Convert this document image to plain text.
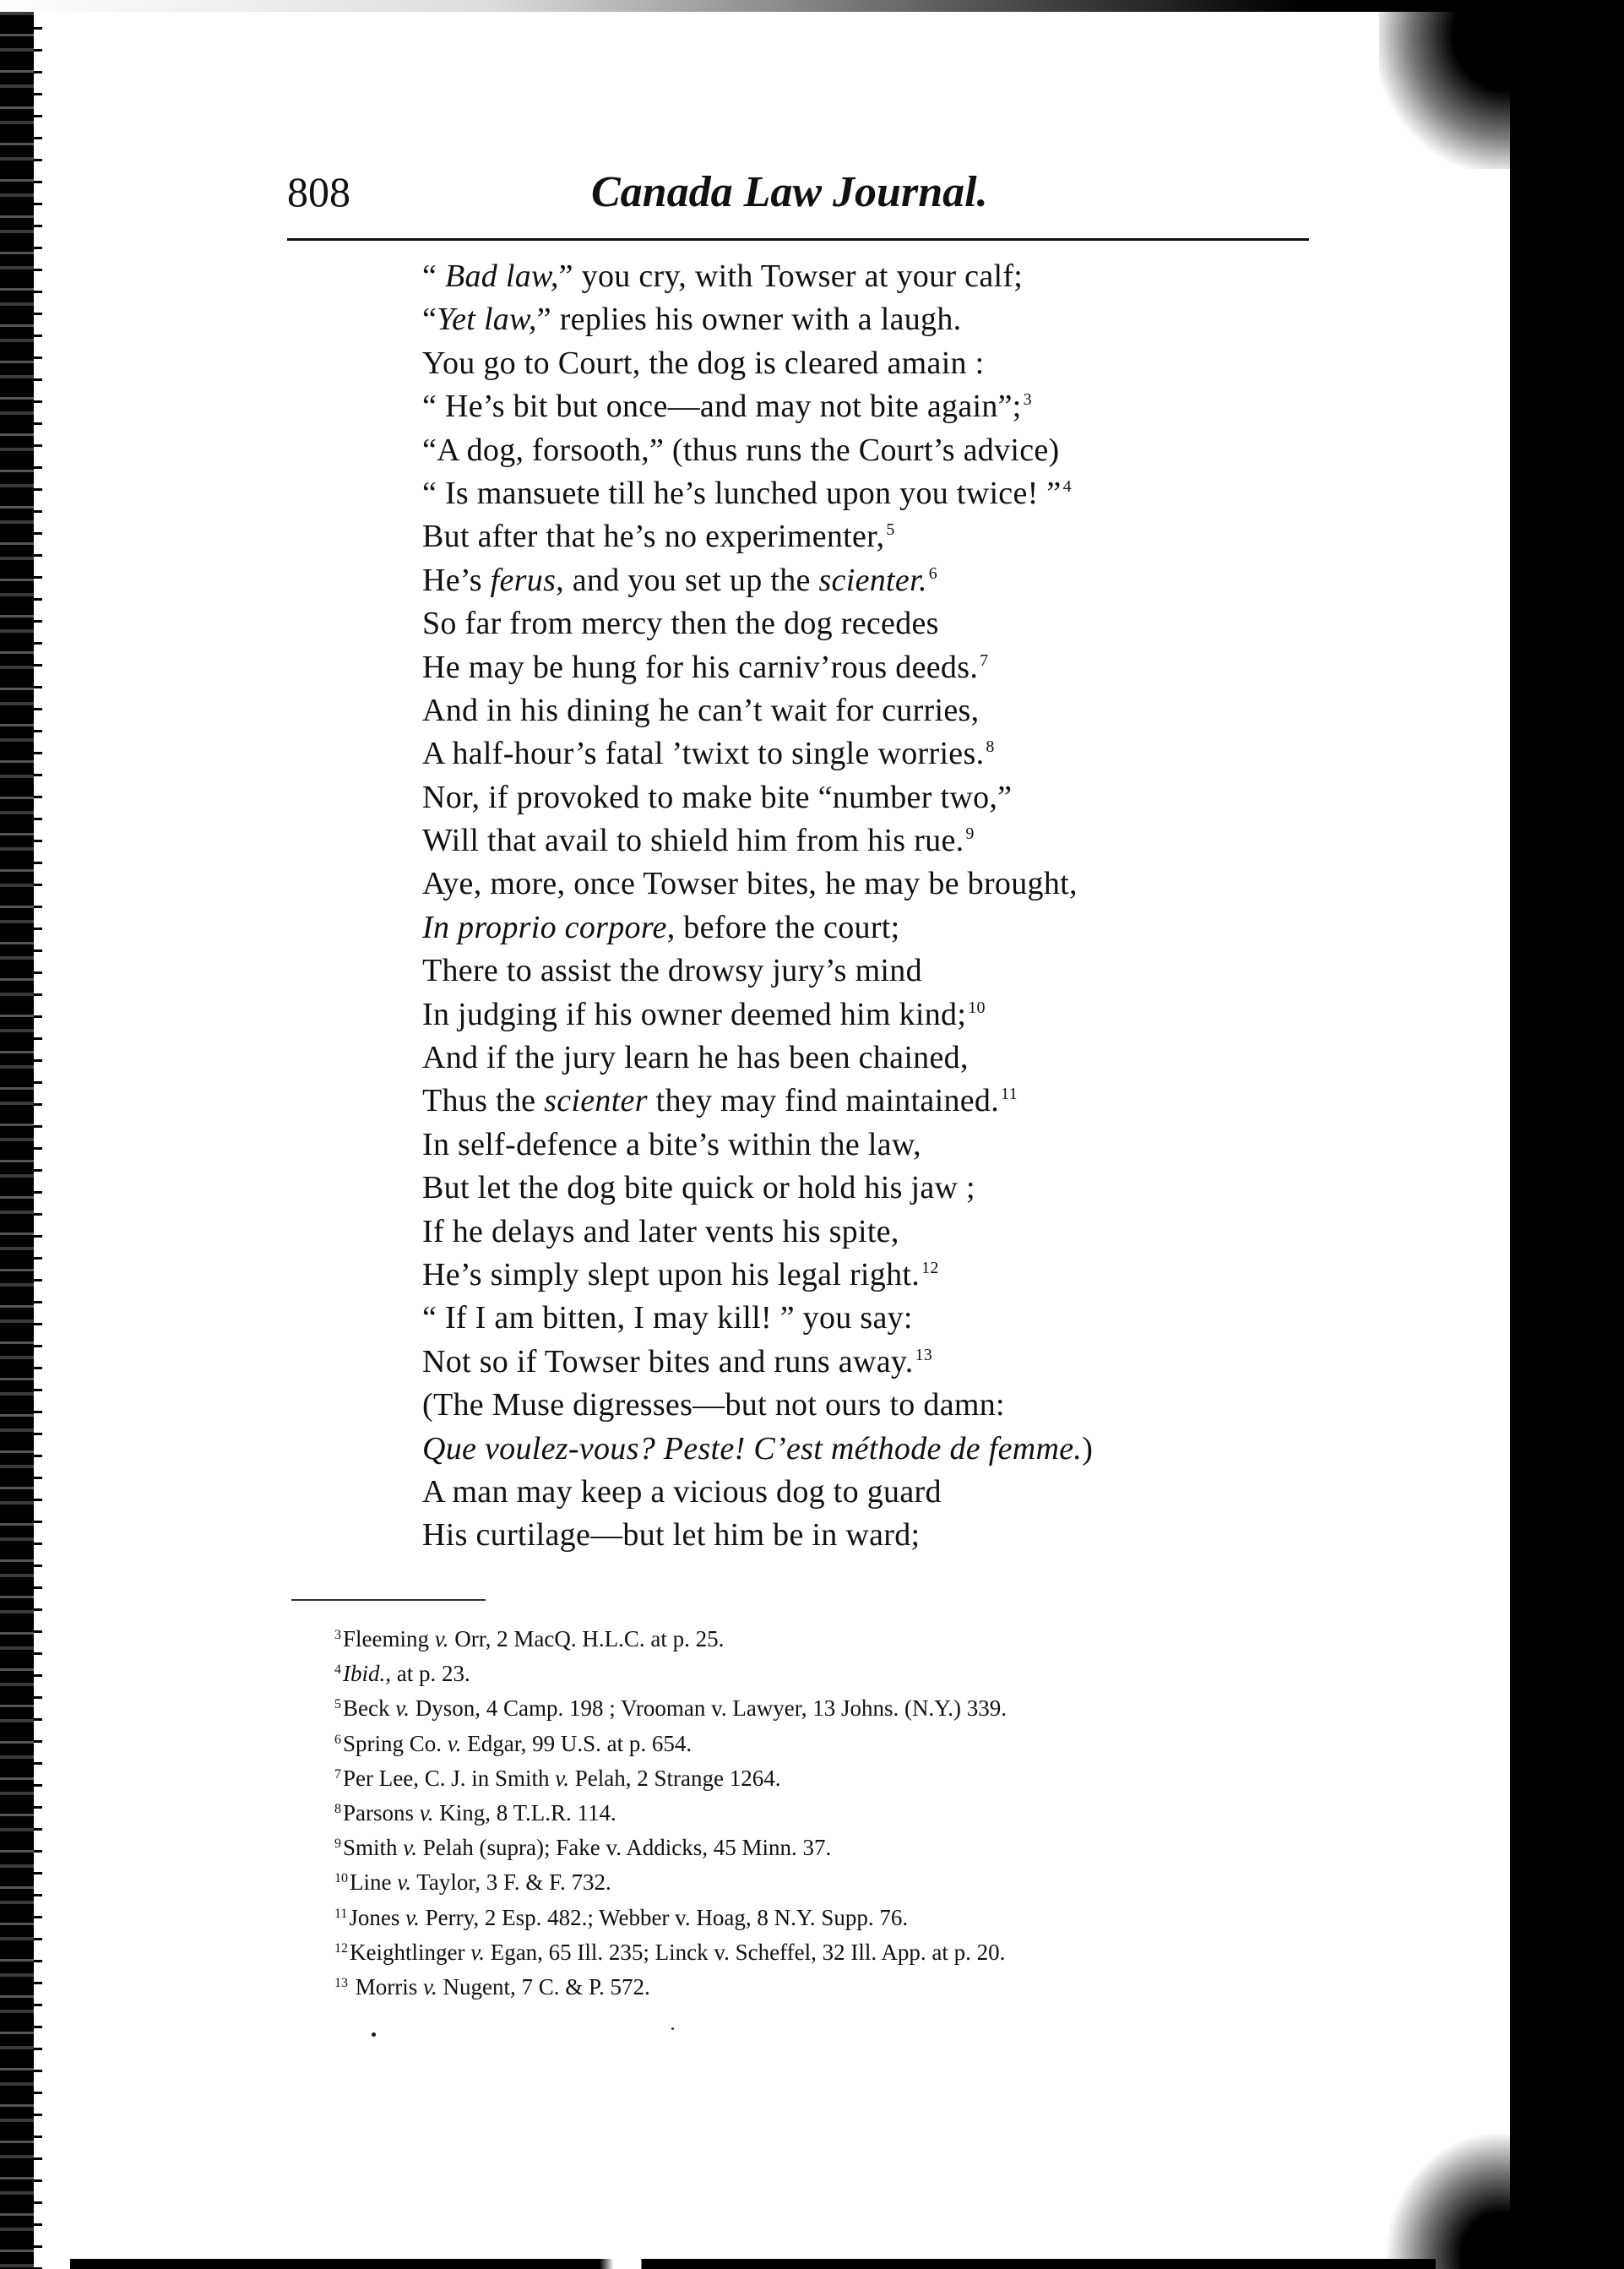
808	Canada Law Journal.
“ Bad law,” you cry, with Towser at your calf;
“Yet law,” replies his owner with a laugh.
You go to Court, the dog is cleared amain :
“ He’s bit but once—and may not bite again”; $^3$
“A dog, forsooth,” (thus runs the Court’s advice)
“ Is mansuete till he’s lunched upon you twice! ” $^4$
But after that he’s no experimenter, $^5$
He’s ferus, and you set up the scienter. $^6$
So far from mercy then the dog recedes
He may be hung for his carniv’rous deeds. $^7$
And in his dining he can’t wait for curries,
A half-hour’s fatal ’twixt to single worries. $^8$
Nor, if provoked to make bite “number two,”
Will that avail to shield him from his rue. $^9$
Aye, more, once Towser bites, he may be brought,
In proprio corpore, before the court;
There to assist the drowsy jury’s mind
In judging if his owner deemed him kind; $^{10}$
And if the jury learn he has been chained,
Thus the scienter they may find maintained. $^{11}$
In self-defence a bite’s within the law,
But let the dog bite quick or hold his jaw ;
If he delays and later vents his spite,
He’s simply slept upon his legal right. $^{12}$
“ If I am bitten, I may kill! ” you say:
Not so if Towser bites and runs away. $^{13}$
(The Muse digresses—but not ours to damn:
Que voulez-vous? Peste! C’est méthode de femme.)
A man may keep a vicious dog to guard
His curtilage—but let him be in ward;
$^3$Fleeming v. Orr, 2 MacQ. H.L.C. at p. 25.
$^4$Ibid., at p. 23.
$^5$Beck v. Dyson, 4 Camp. 198 ; Vrooman v. Lawyer, 13 Johns. (N.Y.) 339.
$^6$Spring Co. v. Edgar, 99 U.S. at p. 654.
$^7$Per Lee, C. J. in Smith v. Pelah, 2 Strange 1264.
$^8$Parsons v. King, 8 T.L.R. 114.
$^9$Smith v. Pelah (supra); Fake v. Addicks, 45 Minn. 37.
$^{10}$Line v. Taylor, 3 F. & F. 732.
$^{11}$Jones v. Perry, 2 Esp. 482.; Webber v. Hoag, 8 N.Y. Supp. 76.
$^{12}$Keightlinger v. Egan, 65 Ill. 235; Linck v. Scheffel, 32 Ill. App. at p. 20.
$^{13}$ Morris v. Nugent, 7 C. & P. 572.
